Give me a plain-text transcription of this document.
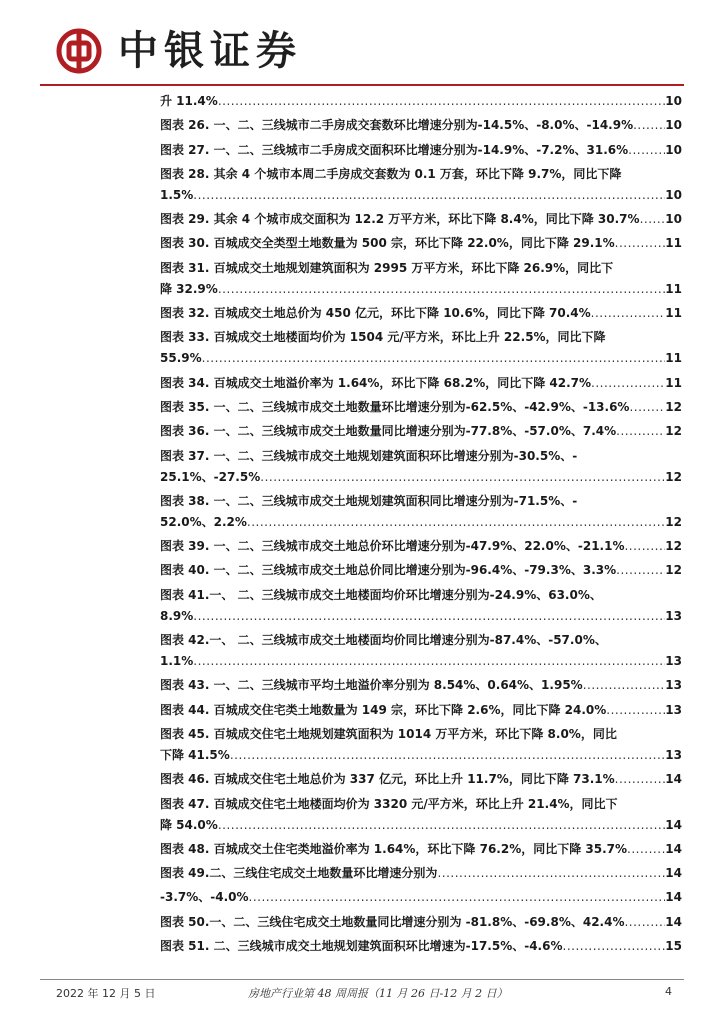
中银证券
升 11.4% .....	10
图表 26. 一、二、三线城市二手房成交套数环比增速分别为-14.5%、-8.0%、-14.9% .....	10
图表 27. 一、二、三线城市二手房成交面积环比增速分别为-14.9%、-7.2%、31.6% .....	10
图表 28. 其余 4 个城市本周二手房成交套数为 0.1 万套，环比下降 9.7%，同比下降
1.5% .....	10
图表 29. 其余 4 个城市成交面积为 12.2 万平方米，环比下降 8.4%，同比下降 30.7% ..... 10
图表 30. 百城成交全类型土地数量为 500 宗，环比下降 22.0%，同比下降 29.1% .....	11
图表 31. 百城成交土地规划建筑面积为 2995 万平方米，环比下降 26.9%，同比下
降 32.9% .....	11
图表 32. 百城成交土地总价为 450 亿元，环比下降 10.6%，同比下降 70.4% .....	11
图表 33. 百城成交土地楼面均价为 1504 元/平方米，环比上升 22.5%，同比下降
55.9% .....	11
图表 34. 百城成交土地溢价率为 1.64%，环比下降 68.2%，同比下降 42.7% .....	11
图表 35. 一、二、三线城市成交土地数量环比增速分别为-62.5%、-42.9%、-13.6% .....	12
图表 36. 一、二、三线城市成交土地数量同比增速分别为-77.8%、-57.0%、7.4% .....	12
图表 37. 一、二、三线城市成交土地规划建筑面积环比增速分别为-30.5%、-
25.1%、-27.5% .....	12
图表 38. 一、二、三线城市成交土地规划建筑面积同比增速分别为-71.5%、-
52.0%、2.2% .....	12
图表 39. 一、二、三线城市成交土地总价环比增速分别为-47.9%、22.0%、-21.1% .....	12
图表 40. 一、二、三线城市成交土地总价同比增速分别为-96.4%、-79.3%、3.3% .....	12
图表 41.一、 二、三线城市成交土地楼面均价环比增速分别为-24.9%、63.0%、
8.9% .....	13
图表 42.一、 二、三线城市成交土地楼面均价同比增速分别为-87.4%、-57.0%、
1.1% .....	13
图表 43. 一、二、三线城市平均土地溢价率分别为 8.54%、0.64%、1.95% .....	13
图表 44. 百城成交住宅类土地数量为 149 宗，环比下降 2.6%，同比下降 24.0% .....	13
图表 45. 百城成交住宅土地规划建筑面积为 1014 万平方米，环比下降 8.0%，同比
下降 41.5% .....	13
图表 46. 百城成交住宅土地总价为 337 亿元，环比上升 11.7%，同比下降 73.1% .....	14
图表 47. 百城成交住宅土地楼面均价为 3320 元/平方米，环比上升 21.4%，同比下
降 54.0% .....	14
图表 48. 百城成交土住宅类地溢价率为 1.64%，环比下降 76.2%，同比下降 35.7% .....	14
图表 49.二、三线住宅成交土地数量环比增速分别为 .....	14
-3.7%、-4.0% .....	14
图表 50.一、二、三线住宅成交土地数量同比增速分别为 -81.8%、-69.8%、42.4% .....	14
图表 51. 二、三线城市成交土地规划建筑面积环比增速为-17.5%、-4.6% .....	15
2022 年 12 月 5 日	房地产行业第 48 周周报（11 月 26 日-12 月 2 日）	4
